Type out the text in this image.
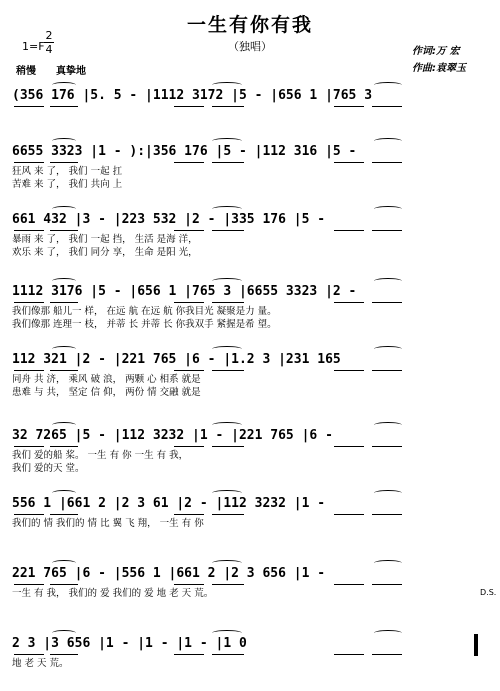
一生有你有我
（独唱）
1=F
2
4
稍慢　　真挚地
作词:万 宏
作曲:袁翠玉
(356 176 |5. 5 - |1112 3172 |5 - |656 1 |765 3
6655 3323 |1 - ):|356 176 |5 - |112 316 |5 -
狂风 来 了， 我们 一起 扛
苦难 来 了， 我们 共向 上
661 432 |3 - |223 532 |2 - |335 176 |5 -
暴雨 来 了， 我们 一起 挡， 生活 是海 洋，
欢乐 来 了， 我们 同分 享， 生命 是阳 光，
1112 3176 |5 - |656 1 |765 3 |6655 3323 |2 -
我们像那 船儿一 样， 在远 航 在远 航 你我目光 凝聚是力 量。
我们像那 连理一 枝， 并蒂 长 并蒂 长 你我双手 紧握是希 望。
112 321 |2 - |221 765 |6 - |1.2 3 |231 165
同舟 共 济， 乘风 破 浪， 两颗 心 相系 就是
患难 与 共， 坚定 信 仰， 两份 情 交融 就是
32 7265 |5 - |112 3232 |1 - |221 765 |6 -
我们 爱的船 桨。 一生 有 你 一生 有 我，
我们 爱的天 堂。
556 1 |661 2 |2 3 61 |2 - |112 3232 |1 -
我们的 情 我们的 情 比 翼 飞 翔， 一生 有 你
221 765 |6 - |556 1 |661 2 |2 3 656 |1 -
一生 有 我， 我们的 爱 我们的 爱 地 老 天 荒。	D.S.
2 3 |3 656 |1 - |1 - |1 - |1 0
地 老 天 荒。
